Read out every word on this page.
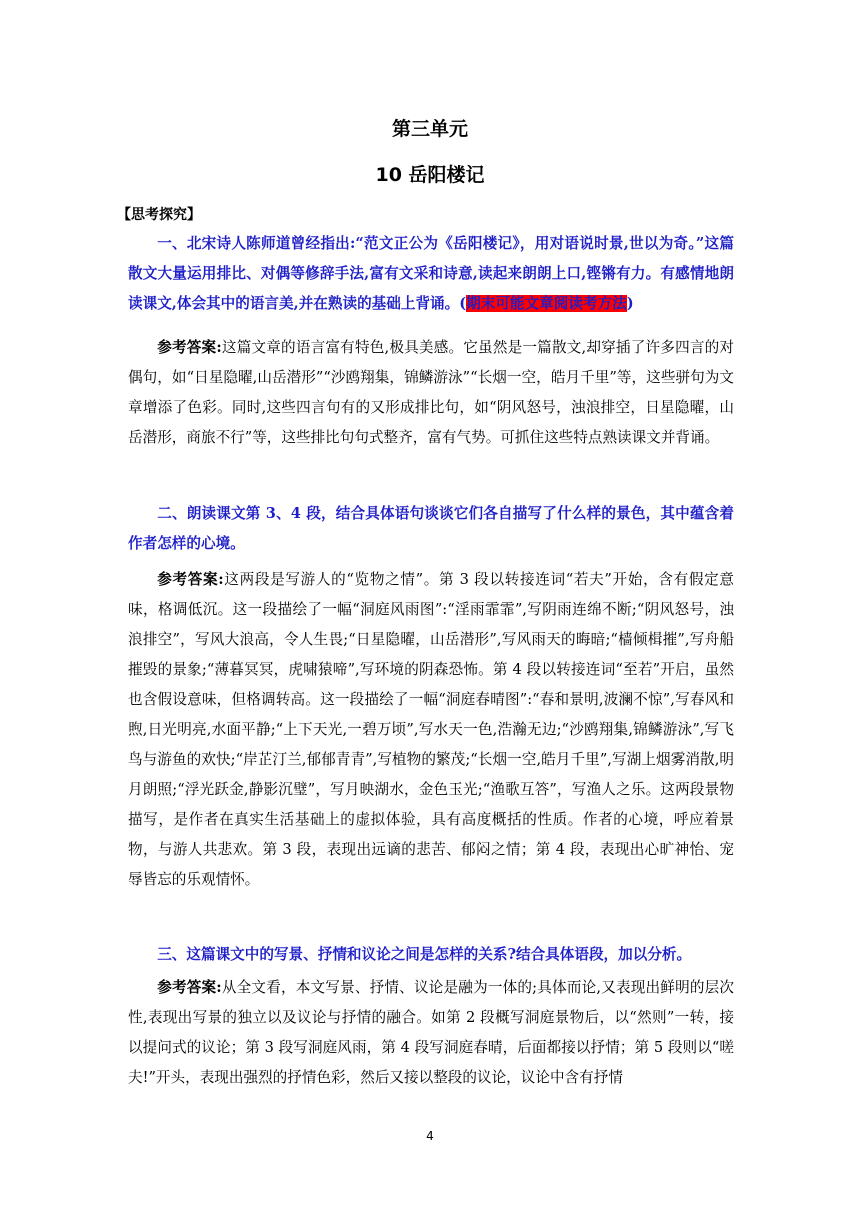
第三单元
10 岳阳楼记

【思考探究】

一、北宋诗人陈师道曾经指出:“范文正公为《岳阳楼记》，用对语说时景,世以为奇。”这篇散文大量运用排比、对偶等修辞手法,富有文采和诗意,读起来朗朗上口,铿锵有力。有感情地朗读课文,体会其中的语言美,并在熟读的基础上背诵。(期末可能文章阅读考方法)

参考答案:这篇文章的语言富有特色,极具美感。它虽然是一篇散文,却穿插了许多四言的对偶句，如“日星隐曜,山岳潜形”“沙鸥翔集，锦鳞游泳”“长烟一空，皓月千里”等，这些骈句为文章增添了色彩。同时,这些四言句有的又形成排比句，如“阴风怒号，浊浪排空，日星隐曜，山岳潜形，商旅不行”等，这些排比句句式整齐，富有气势。可抓住这些特点熟读课文并背诵。

二、朗读课文第 3、4 段，结合具体语句谈谈它们各自描写了什么样的景色，其中蕴含着作者怎样的心境。

参考答案:这两段是写游人的“览物之情”。第 3 段以转接连词“若夫”开始，含有假定意味，格调低沉。这一段描绘了一幅“洞庭风雨图”:“淫雨霏霏”,写阴雨连绵不断;“阴风怒号，浊浪排空”，写风大浪高，令人生畏;“日星隐曜，山岳潜形”,写风雨天的晦暗;“樯倾楫摧”,写舟船摧毁的景象;“薄暮冥冥，虎啸猿啼”,写环境的阴森恐怖。第 4 段以转接连词“至若”开启，虽然也含假设意味，但格调转高。这一段描绘了一幅“洞庭春晴图”:“春和景明,波澜不惊”,写春风和煦,日光明亮,水面平静;“上下天光,一碧万顷”,写水天一色,浩瀚无边;“沙鸥翔集,锦鳞游泳”,写飞鸟与游鱼的欢快;“岸芷汀兰,郁郁青青”,写植物的繁茂;“长烟一空,皓月千里”,写湖上烟雾消散,明月朗照;“浮光跃金,静影沉璧”，写月映湖水，金色玉光;“渔歌互答”，写渔人之乐。这两段景物描写，是作者在真实生活基础上的虚拟体验，具有高度概括的性质。作者的心境，呼应着景物，与游人共悲欢。第 3 段，表现出远谪的悲苦、郁闷之情；第 4 段，表现出心旷神怡、宠辱皆忘的乐观情怀。

三、这篇课文中的写景、抒情和议论之间是怎样的关系?结合具体语段，加以分析。

参考答案:从全文看，本文写景、抒情、议论是融为一体的;具体而论,又表现出鲜明的层次性,表现出写景的独立以及议论与抒情的融合。如第 2 段概写洞庭景物后，以“然则”一转，接以提问式的议论；第 3 段写洞庭风雨，第 4 段写洞庭春晴，后面都接以抒情；第 5 段则以“嗟夫!”开头，表现出强烈的抒情色彩，然后又接以整段的议论，议论中含有抒情

4
